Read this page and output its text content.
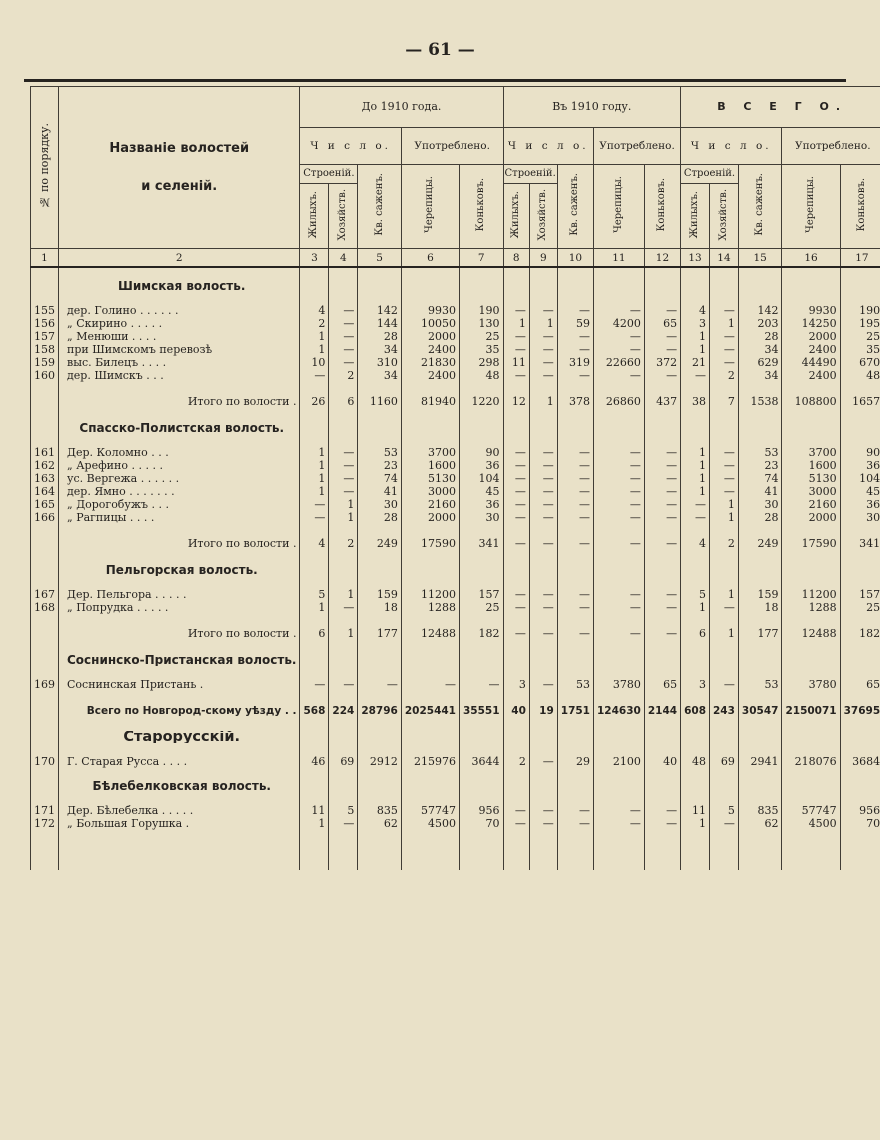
— 61 —
№ по порядку.	Названіе волостей
и селеній.	До 1910 года.					Въ 1910 году.					В С Е Г О.				
		Ч и с л о.			Употреблено.		Ч и с л о.			Употреблено.		Ч и с л о.			Употреблено.	
		Строеній.		Кв. саженъ.	Черепицы.	Коньковъ.	Строеній.		Кв. саженъ.	Черепицы.	Коньковъ.	Строеній.		Кв. саженъ.	Черепицы.	Коньковъ.
		Жилыхъ.	Хозяйств.				Жилыхъ.	Хозяйств.				Жилыхъ.	Хозяйств.			
1	2	3	4	5	6	7	8	9	10	11	12	13	14	15	16	17

	Шимская волость.															

155	дер. Голино . . . . . .	4	—	142	9930	190	—	—	—	—	—	4	—	142	9930	190
156	„ Скирино . . . . .	2	—	144	10050	130	1	1	59	4200	65	3	1	203	14250	195
157	„ Менюши . . . .	1	—	28	2000	25	—	—	—	—	—	1	—	28	2000	25
158	при Шимскомъ перевозѣ	1	—	34	2400	35	—	—	—	—	—	1	—	34	2400	35
159	выс. Билецъ . . . .	10	—	310	21830	298	11	—	319	22660	372	21	—	629	44490	670
160	дер. Шимскъ . . .	—	2	34	2400	48	—	—	—	—	—	—	2	34	2400	48

	Итого по волости .	26	6	1160	81940	1220	12	1	378	26860	437	38	7	1538	108800	1657

	Спасско-Полистская волость.															

161	Дер. Коломно . . .	1	—	53	3700	90	—	—	—	—	—	1	—	53	3700	90
162	„ Арефино . . . . .	1	—	23	1600	36	—	—	—	—	—	1	—	23	1600	36
163	ус. Вергежа . . . . . .	1	—	74	5130	104	—	—	—	—	—	1	—	74	5130	104
164	дер. Ямно . . . . . . .	1	—	41	3000	45	—	—	—	—	—	1	—	41	3000	45
165	„ Дорогобужъ . . .	—	1	30	2160	36	—	—	—	—	—	—	1	30	2160	36
166	„ Рагпицы . . . .	—	1	28	2000	30	—	—	—	—	—	—	1	28	2000	30

	Итого по волости .	4	2	249	17590	341	—	—	—	—	—	4	2	249	17590	341

	Пельгорская волость.															

167	Дер. Пельгора . . . . .	5	1	159	11200	157	—	—	—	—	—	5	1	159	11200	157
168	„ Попрудка . . . . .	1	—	18	1288	25	—	—	—	—	—	1	—	18	1288	25

	Итого по волости .	6	1	177	12488	182	—	—	—	—	—	6	1	177	12488	182

	Соснинско-Пристанская волость.															

169	Соснинская Пристань .	—	—	—	—	—	3	—	53	3780	65	3	—	53	3780	65

	Всего по Новгород-скому уѣзду . .	568	224	28796	2025441	35551	40	19	1751	124630	2144	608	243	30547	2150071	37695

	Старорусскій.															

170	Г. Старая Русса . . . .	46	69	2912	215976	3644	2	—	29	2100	40	48	69	2941	218076	3684

	Бѣлебелковская волость.															

171	Дер. Бѣлебелка . . . . .	11	5	835	57747	956	—	—	—	—	—	11	5	835	57747	956
172	„ Большая Горушка .	1	—	62	4500	70	—	—	—	—	—	1	—	62	4500	70
